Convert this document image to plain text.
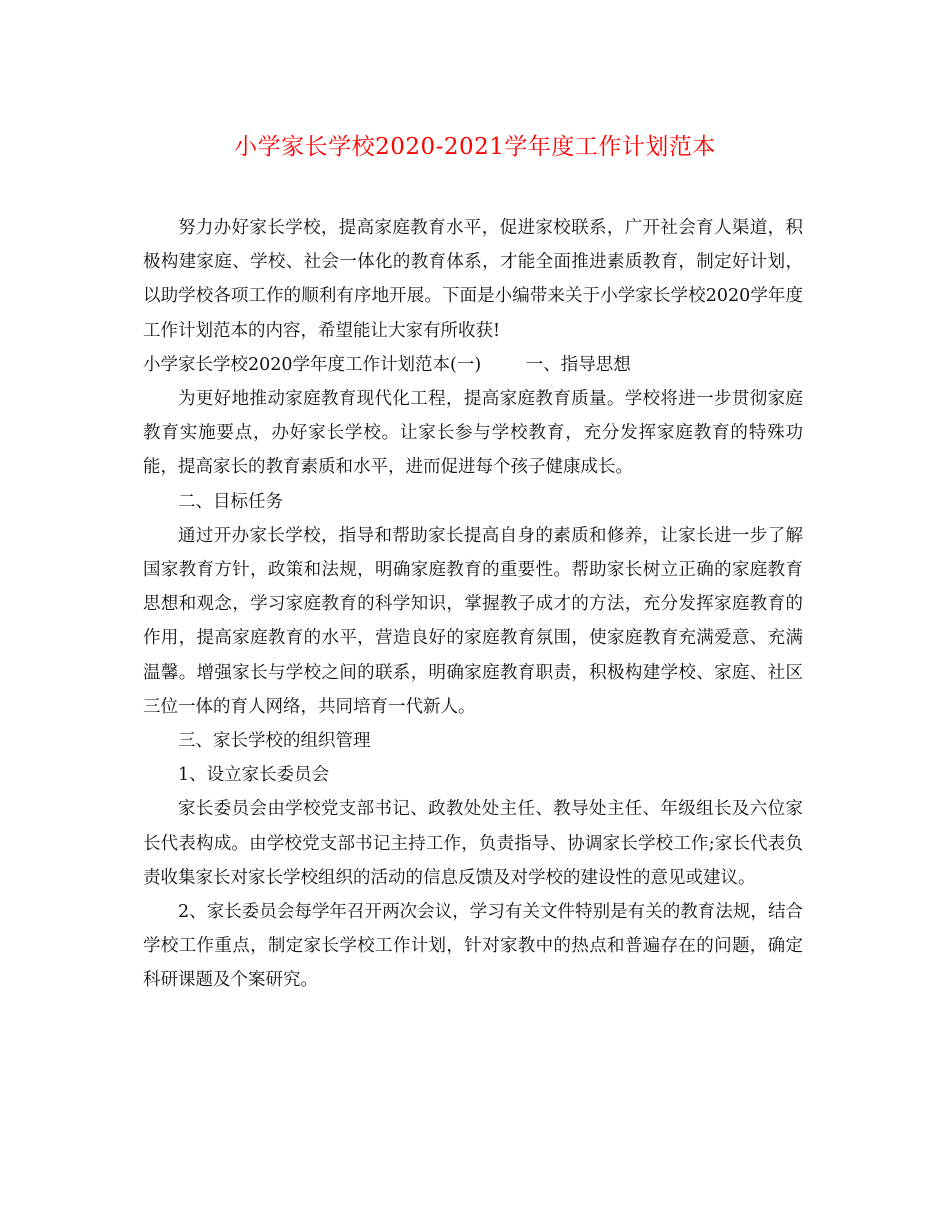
小学家长学校2020-2021学年度工作计划范本

努力办好家长学校，提高家庭教育水平，促进家校联系，广开社会育人渠道，积极构建家庭、学校、社会一体化的教育体系，才能全面推进素质教育，制定好计划，以助学校各项工作的顺利有序地开展。下面是小编带来关于小学家长学校2020学年度工作计划范本的内容，希望能让大家有所收获!

小学家长学校2020学年度工作计划范本(一)        一、指导思想

为更好地推动家庭教育现代化工程，提高家庭教育质量。学校将进一步贯彻家庭教育实施要点，办好家长学校。让家长参与学校教育，充分发挥家庭教育的特殊功能，提高家长的教育素质和水平，进而促进每个孩子健康成长。

二、目标任务

通过开办家长学校，指导和帮助家长提高自身的素质和修养，让家长进一步了解国家教育方针，政策和法规，明确家庭教育的重要性。帮助家长树立正确的家庭教育思想和观念，学习家庭教育的科学知识，掌握教子成才的方法，充分发挥家庭教育的作用，提高家庭教育的水平，营造良好的家庭教育氛围，使家庭教育充满爱意、充满温馨。增强家长与学校之间的联系，明确家庭教育职责，积极构建学校、家庭、社区三位一体的育人网络，共同培育一代新人。

三、家长学校的组织管理

1、设立家长委员会

家长委员会由学校党支部书记、政教处处主任、教导处主任、年级组长及六位家长代表构成。由学校党支部书记主持工作，负责指导、协调家长学校工作;家长代表负责收集家长对家长学校组织的活动的信息反馈及对学校的建设性的意见或建议。

2、家长委员会每学年召开两次会议，学习有关文件特别是有关的教育法规，结合学校工作重点，制定家长学校工作计划，针对家教中的热点和普遍存在的问题，确定科研课题及个案研究。
